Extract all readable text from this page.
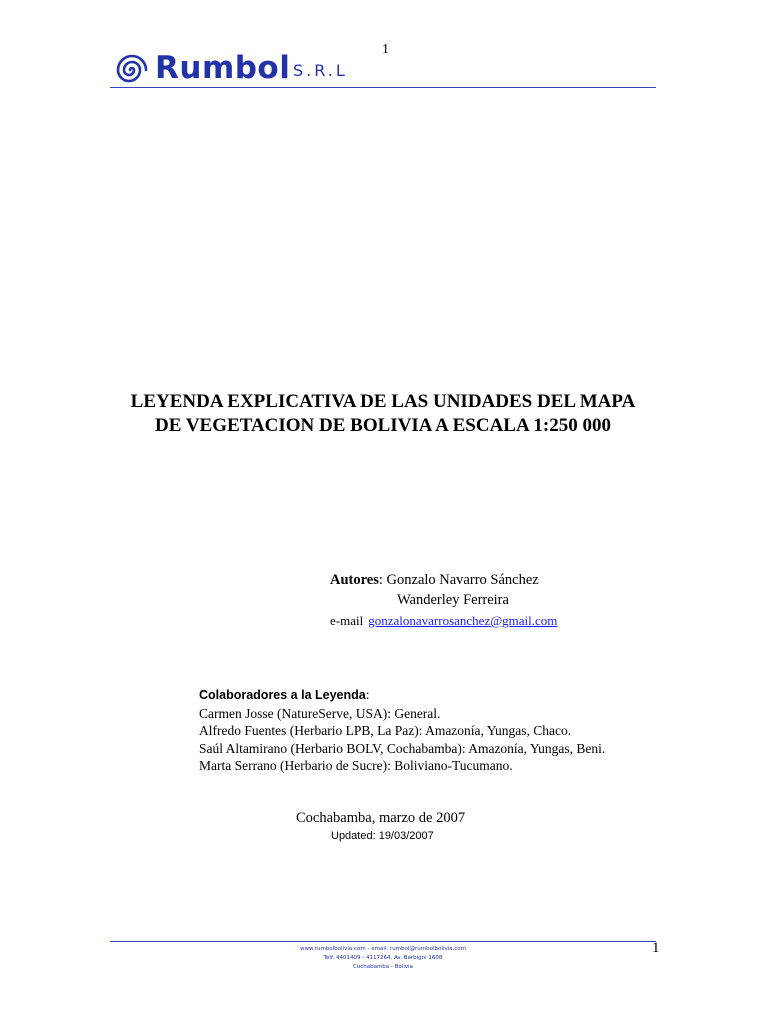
Rumbol S.R.L
1
LEYENDA EXPLICATIVA DE LAS UNIDADES DEL MAPA
DE VEGETACION DE BOLIVIA A ESCALA 1:250 000
Autores: Gonzalo Navarro Sánchez
Wanderley Ferreira
e-mail gonzalonavarrosanchez@gmail.com
Colaboradores a la Leyenda:
Carmen Josse (NatureServe, USA): General.
Alfredo Fuentes (Herbario LPB, La Paz): Amazonía, Yungas, Chaco.
Saúl Altamirano (Herbario BOLV, Cochabamba): Amazonía, Yungas, Beni.
Marta Serrano (Herbario de Sucre): Boliviano-Tucumano.
Cochabamba, marzo de 2007
Updated: 19/03/2007
www.rumbolbolivia.com - email: rumbol@rumbolbolivia.com
Telf. 4401409 - 4117264, Av. Barbigni 1608
Cochabamba - Bolivia
1
